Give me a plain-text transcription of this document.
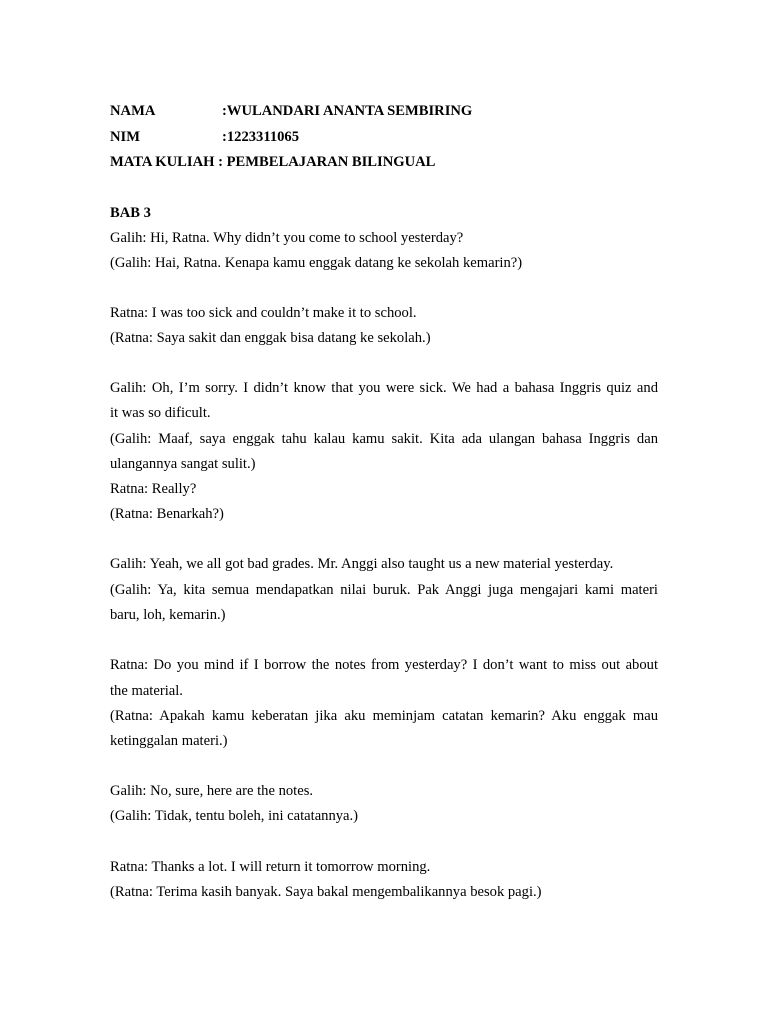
NAMA	:WULANDARI ANANTA SEMBIRING
NIM	:1223311065
MATA KULIAH : PEMBELAJARAN BILINGUAL
BAB 3
Galih: Hi, Ratna. Why didn’t you come to school yesterday?
(Galih: Hai, Ratna. Kenapa kamu enggak datang ke sekolah kemarin?)
Ratna: I was too sick and couldn’t make it to school.
(Ratna: Saya sakit dan enggak bisa datang ke sekolah.)
Galih: Oh, I’m sorry. I didn’t know that you were sick. We had a bahasa Inggris quiz and
it was so dificult.
(Galih: Maaf, saya enggak tahu kalau kamu sakit. Kita ada ulangan bahasa Inggris dan
ulangannya sangat sulit.)
Ratna: Really?
(Ratna: Benarkah?)
Galih: Yeah, we all got bad grades. Mr. Anggi also taught us a new material yesterday.
(Galih: Ya, kita semua mendapatkan nilai buruk. Pak Anggi juga mengajari kami materi
baru, loh, kemarin.)
Ratna: Do you mind if I borrow the notes from yesterday? I don’t want to miss out about
the material.
(Ratna: Apakah kamu keberatan jika aku meminjam catatan kemarin? Aku enggak mau
ketinggalan materi.)
Galih: No, sure, here are the notes.
(Galih: Tidak, tentu boleh, ini catatannya.)
Ratna: Thanks a lot. I will return it tomorrow morning.
(Ratna: Terima kasih banyak. Saya bakal mengembalikannya besok pagi.)
